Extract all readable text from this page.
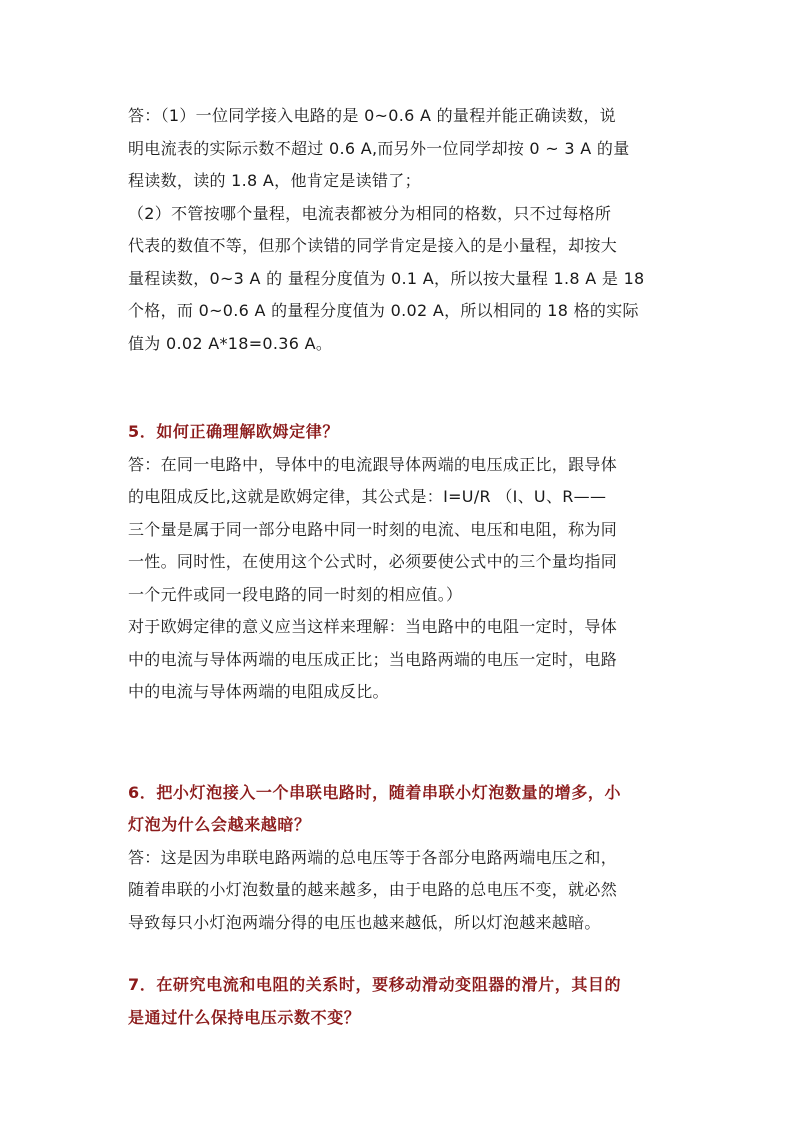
答：（1）一位同学接入电路的是 0~0.6 A 的量程并能正确读数，说
明电流表的实际示数不超过 0.6 A,而另外一位同学却按 0 ~ 3 A 的量
程读数，读的 1.8 A，他肯定是读错了；

（2）不管按哪个量程，电流表都被分为相同的格数，只不过每格所
代表的数值不等，但那个读错的同学肯定是接入的是小量程，却按大
量程读数，0~3 A 的 量程分度值为 0.1 A，所以按大量程 1.8 A 是 18
个格，而 0~0.6 A 的量程分度值为 0.02 A，所以相同的 18 格的实际
值为 0.02 A*18=0.36 A。

5．如何正确理解欧姆定律？

答：在同一电路中，导体中的电流跟导体两端的电压成正比，跟导体
的电阻成反比,这就是欧姆定律，其公式是：I=U/R （I、U、R——
三个量是属于同一部分电路中同一时刻的电流、电压和电阻，称为同
一性。同时性，在使用这个公式时，必须要使公式中的三个量均指同
一个元件或同一段电路的同一时刻的相应值。）

对于欧姆定律的意义应当这样来理解：当电路中的电阻一定时，导体
中的电流与导体两端的电压成正比；当电路两端的电压一定时，电路
中的电流与导体两端的电阻成反比。

6．把小灯泡接入一个串联电路时，随着串联小灯泡数量的增多，小
灯泡为什么会越来越暗？

答：这是因为串联电路两端的总电压等于各部分电路两端电压之和，
随着串联的小灯泡数量的越来越多，由于电路的总电压不变，就必然
导致每只小灯泡两端分得的电压也越来越低，所以灯泡越来越暗。

7．在研究电流和电阻的关系时，要移动滑动变阻器的滑片，其目的
是通过什么保持电压示数不变？
